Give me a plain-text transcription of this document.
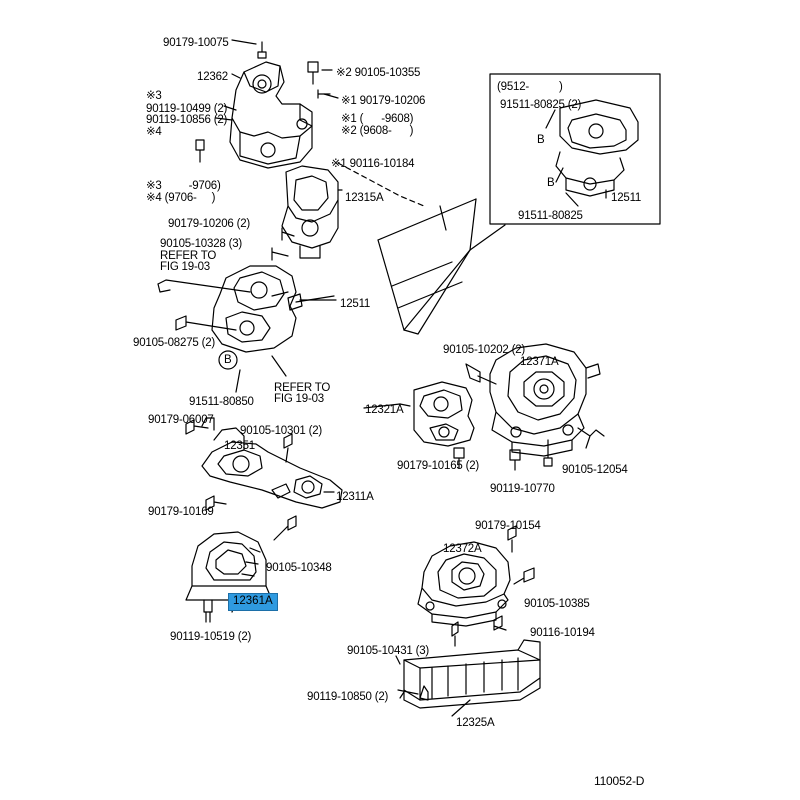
90179-10075
12362	※2 90105-10355
※1 90179-10206
※3
90119-10499 (2)
90119-10856 (2)
※4
※1 (      -9608)
※2 (9608-      )
※1 90116-10184
※3         -9706)
※4 (9706-     )	12315A
90179-10206 (2)
90105-10328 (3)
REFER TO
FIG 19-03
12511
90105-08275 (2)
91511-80850
REFER TO
FIG 19-03
90179-06007
90105-10301 (2)
12351
12311A
90179-10169
90105-10348
90119-10519 (2)
(9512-          )
91511-80825 (2)
12511
91511-80825
90105-10202 (2)
12371A
12321A
90179-10165 (2)	90105-12054
90119-10770
90179-10154
12372A
90105-10385
90116-10194
90105-10431 (3)
90119-10850 (2)
12325A
B
B
B
12361A
110052-D
